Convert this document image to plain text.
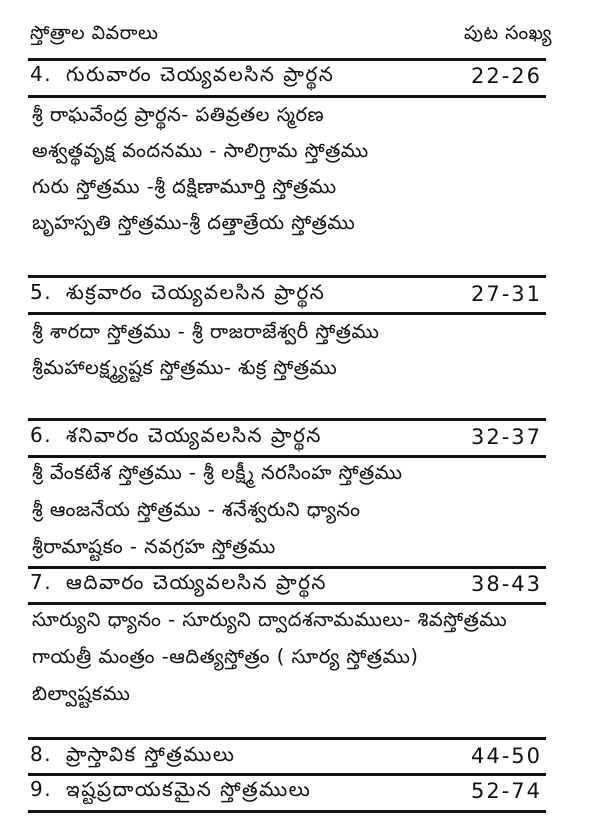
స్తోత్రాల వివరాలు	పుట సంఖ్య
4. గురువారం చెయ్యవలసిన ప్రార్థన	22-26
శ్రీ రాఘవేంద్ర ప్రార్థన- పతివ్రతల స్మరణ
అశ్వత్థవృక్ష వందనము - సాలిగ్రామ స్తోత్రము
గురు స్తోత్రము -శ్రీ దక్షిణామూర్తి స్తోత్రము
బృహస్పతి స్తోత్రము-శ్రీ దత్తాత్రేయ స్తోత్రము
5. శుక్రవారం చెయ్యవలసిన ప్రార్థన	27-31
శ్రీ శారదా స్తోత్రము - శ్రీ రాజరాజేశ్వరీ స్తోత్రము
శ్రీమహాలక్ష్మ్యష్టక స్తోత్రము- శుక్ర స్తోత్రము
6. శనివారం చెయ్యవలసిన ప్రార్థన	32-37
శ్రీ వేంకటేశ స్తోత్రము - శ్రీ లక్ష్మీ నరసింహ స్తోత్రము
శ్రీ ఆంజనేయ స్తోత్రము - శనేశ్వరుని ధ్యానం
శ్రీరామాష్టకం - నవగ్రహ స్తోత్రము
7. ఆదివారం చెయ్యవలసిన ప్రార్థన	38-43
సూర్యుని ధ్యానం - సూర్యుని ద్వాదశనామములు- శివస్తోత్రము
గాయత్రీ మంత్రం -ఆదిత్యస్తోత్రం ( సూర్య స్తోత్రము)
బిల్వాష్టకము
8. ప్రాస్తావిక స్తోత్రములు	44-50
9. ఇష్టప్రదాయకమైన స్తోత్రములు	52-74
